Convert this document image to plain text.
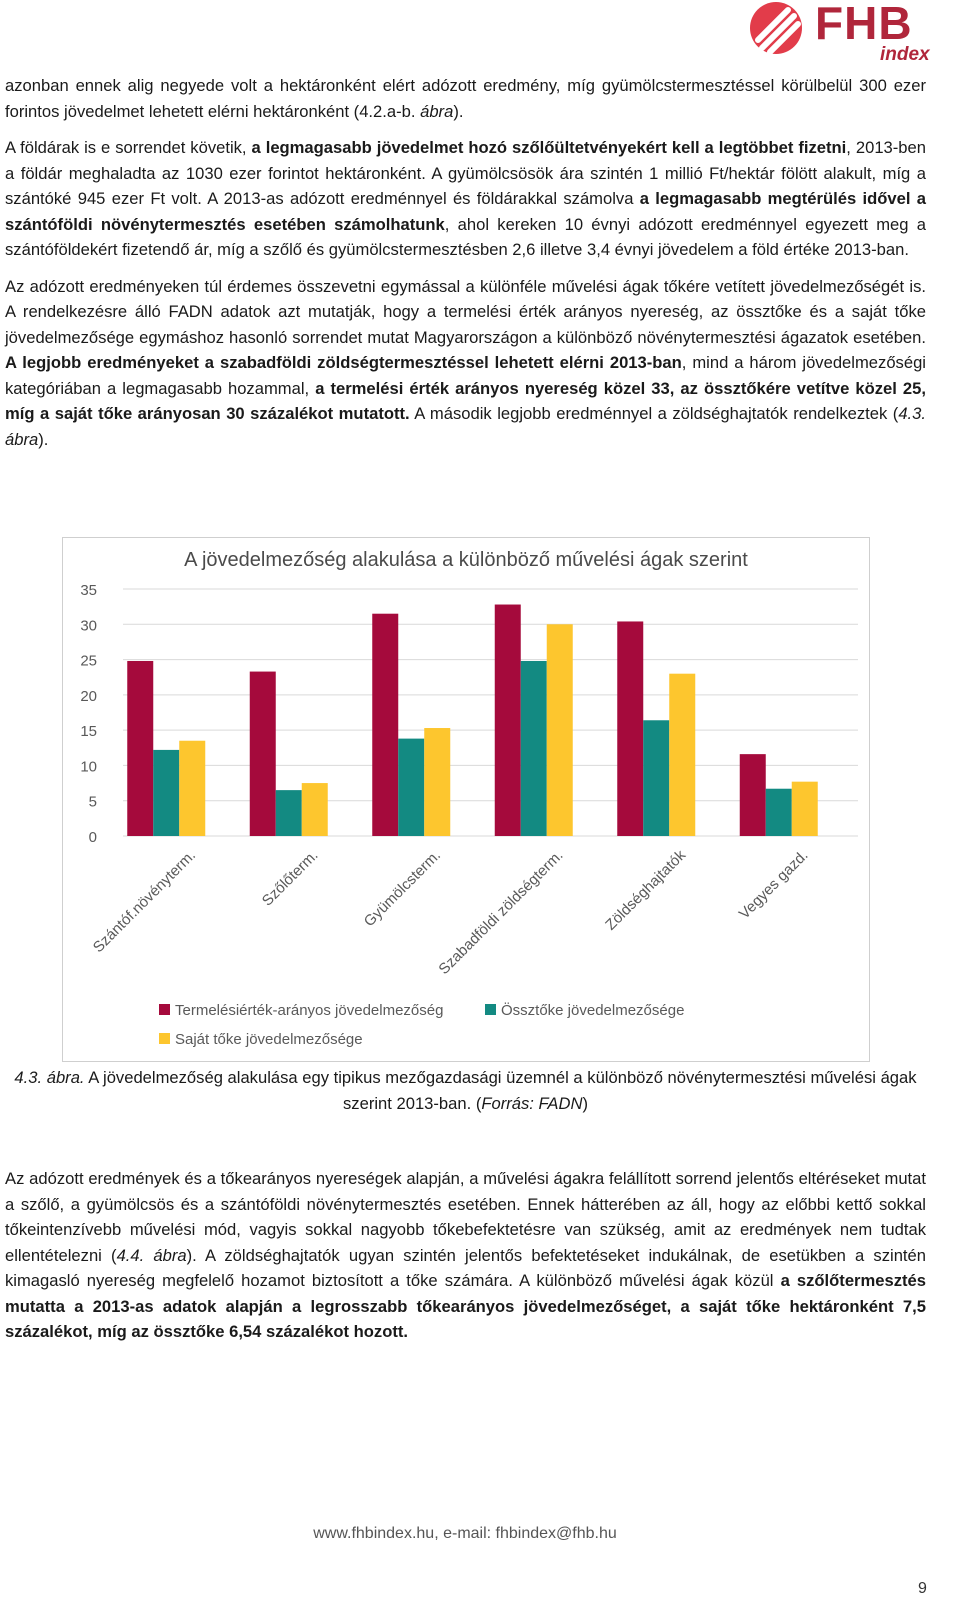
FHB
index

azonban ennek alig negyede volt a hektáronként elért adózott eredmény, míg gyümölcstermesztéssel körülbelül 300 ezer forintos jövedelmet lehetett elérni hektáronként (4.2.a-b. ábra).

A földárak is e sorrendet követik, a legmagasabb jövedelmet hozó szőlőültetvényekért kell a legtöbbet fizetni, 2013-ben a földár meghaladta az 1030 ezer forintot hektáronként. A gyümölcsösök ára szintén 1 millió Ft/hektár fölött alakult, míg a szántóké 945 ezer Ft volt. A 2013-as adózott eredménnyel és földárakkal számolva a legmagasabb megtérülés idővel a szántóföldi növénytermesztés esetében számolhatunk, ahol kereken 10 évnyi adózott eredménnyel egyezett meg a szántóföldekért fizetendő ár, míg a szőlő és gyümölcstermesztésben 2,6 illetve 3,4 évnyi jövedelem a föld értéke 2013-ban.

Az adózott eredményeken túl érdemes összevetni egymással a különféle művelési ágak tőkére vetített jövedelmezőségét is. A rendelkezésre álló FADN adatok azt mutatják, hogy a termelési érték arányos nyereség, az össztőke és a saját tőke jövedelmezősége egymáshoz hasonló sorrendet mutat Magyarországon a különböző növénytermesztési ágazatok esetében. A legjobb eredményeket a szabadföldi zöldségtermesztéssel lehetett elérni 2013-ban, mind a három jövedelmezőségi kategóriában a legmagasabb hozammal, a termelési érték arányos nyereség közel 33, az össztőkére vetítve közel 25, míg a saját tőke arányosan 30 százalékot mutatott. A második legjobb eredménnyel a zöldséghajtatók rendelkeztek (4.3. ábra).

A jövedelmezőség alakulása a különböző művelési ágak szerint
0
5
10
15
20
25
30
35
Szántóf.növényterm.	Szőlőterm.	Gyümölcsterm.
Szabadföldi zöldségterm. Zöldséghajtatók	Vegyes gazd.
Termelésiérték-arányos jövedelmezőség	Össztőke jövedelmezősége
Saját tőke jövedelmezősége
4.3. ábra. A jövedelmezőség alakulása egy tipikus mezőgazdasági üzemnél a különböző növénytermesztési művelési ágak szerint 2013-ban. (Forrás: FADN)

Az adózott eredmények és a tőkearányos nyereségek alapján, a művelési ágakra felállított sorrend jelentős eltéréseket mutat a szőlő, a gyümölcsös és a szántóföldi növénytermesztés esetében. Ennek hátterében az áll, hogy az előbbi kettő sokkal tőkeintenzívebb művelési mód, vagyis sokkal nagyobb tőkebefektetésre van szükség, amit az eredmények nem tudtak ellentételezni (4.4. ábra). A zöldséghajtatók ugyan szintén jelentős befektetéseket indukálnak, de esetükben a szintén kimagasló nyereség megfelelő hozamot biztosított a tőke számára. A különböző művelési ágak közül a szőlőtermesztés mutatta a 2013-as adatok alapján a legrosszabb tőkearányos jövedelmezőséget, a saját tőke hektáronként 7,5 százalékot, míg az össztőke 6,54 százalékot hozott.

www.fhbindex.hu, e-mail: fhbindex@fhb.hu
9
